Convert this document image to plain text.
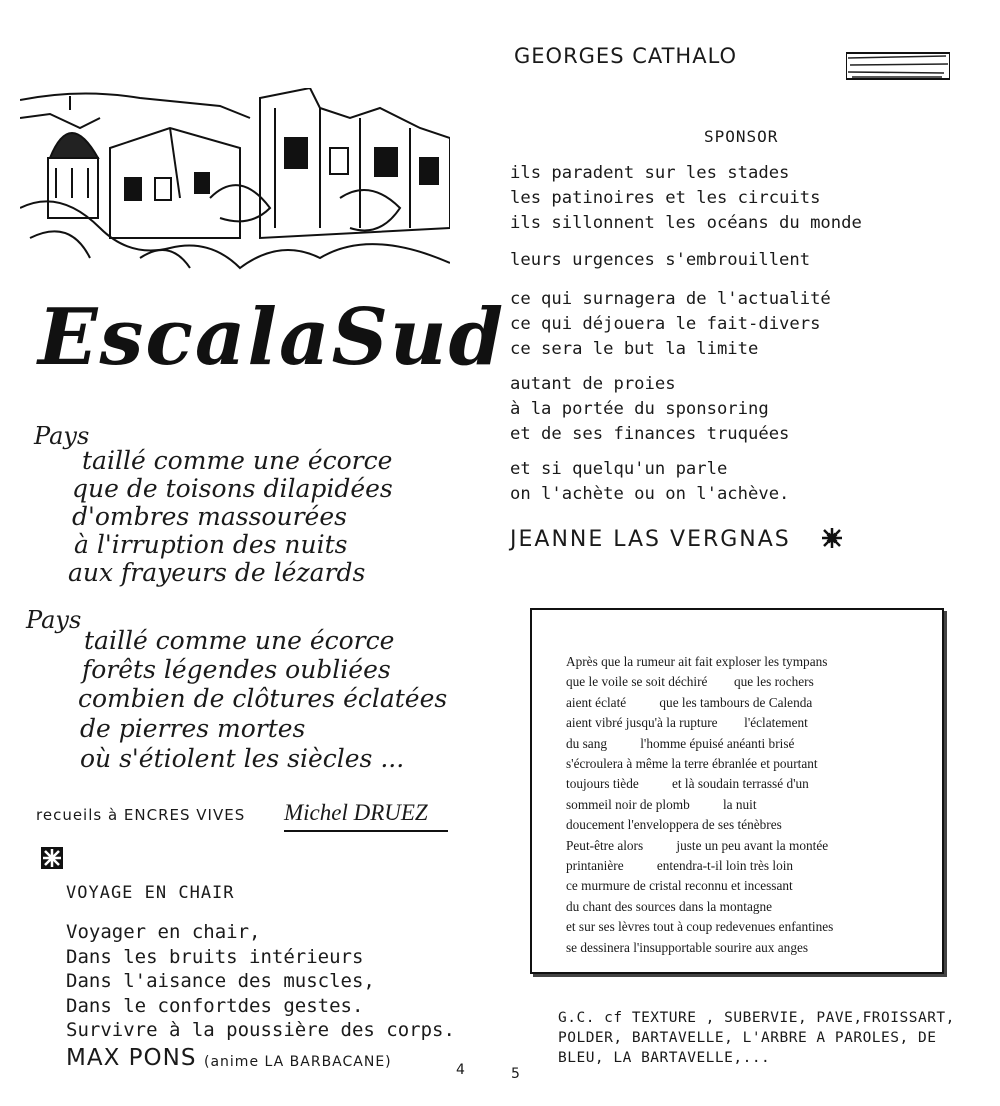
EscalaSud
Pays
taillé comme une écorce
que de toisons dilapidées
d'ombres massourées
à l'irruption des nuits
aux frayeurs de lézards
Pays
taillé comme une écorce
forêts légendes oubliées
combien de clôtures éclatées
de pierres mortes
où s'étiolent les siècles ...
recueils à ENCRES VIVES Michel DRUEZ
VOYAGE EN CHAIR
Voyager en chair,
Dans les bruits intérieurs
Dans l'aisance des muscles,
Dans le confortdes gestes.
Survivre à la poussière des corps.
MAX PONS (anime LA BARBACANE)	4
GEORGES CATHALO
SPONSOR
ils paradent sur les stades
les patinoires et les circuits
ils sillonnent les océans du monde
leurs urgences s'embrouillent
ce qui surnagera de l'actualité
ce qui déjouera le fait-divers
ce sera le but la limite
autant de proies
à la portée du sponsoring
et de ses finances truquées
et si quelqu'un parle
on l'achète ou on l'achève.
JEANNE LAS VERGNAS
Après que la rumeur ait fait exploser les tympans
que le voile se soit déchiré        que les rochers
aient éclaté          que les tambours de Calenda
aient vibré jusqu'à la rupture        l'éclatement
du sang          l'homme épuisé anéanti brisé
s'écroulera à même la terre ébranlée et pourtant
toujours tiède          et là soudain terrassé d'un
sommeil noir de plomb          la nuit
doucement l'enveloppera de ses ténèbres
Peut-être alors          juste un peu avant la montée
printanière          entendra-t-il loin très loin
ce murmure de cristal reconnu et incessant
du chant des sources dans la montagne
et sur ses lèvres tout à coup redevenues enfantines
se dessinera l'insupportable sourire aux anges
G.C. cf TEXTURE , SUBERVIE, PAVE,FROISSART,
POLDER, BARTAVELLE, L'ARBRE A PAROLES, DE
BLEU, LA BARTAVELLE,...
5
